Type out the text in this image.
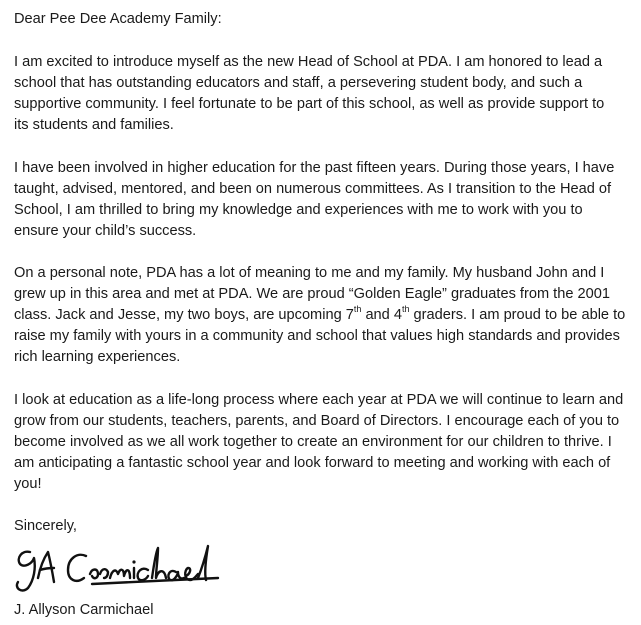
Dear Pee Dee Academy Family:
I am excited to introduce myself as the new Head of School at PDA. I am honored to lead a
school that has outstanding educators and staff, a persevering student body, and such a
supportive community. I feel fortunate to be part of this school, as well as provide support to
its students and families.
I have been involved in higher education for the past fifteen years. During those years, I have
taught, advised, mentored, and been on numerous committees. As I transition to the Head of
School, I am thrilled to bring my knowledge and experiences with me to work with you to
ensure your child’s success.
On a personal note, PDA has a lot of meaning to me and my family. My husband John and I
grew up in this area and met at PDA. We are proud “Golden Eagle” graduates from the 2001
class. Jack and Jesse, my two boys, are upcoming 7th and 4th graders. I am proud to be able to
raise my family with yours in a community and school that values high standards and provides
rich learning experiences.
I look at education as a life-long process where each year at PDA we will continue to learn and
grow from our students, teachers, parents, and Board of Directors. I encourage each of you to
become involved as we all work together to create an environment for our children to thrive. I
am anticipating a fantastic school year and look forward to meeting and working with each of
you!
Sincerely,
J. Allyson Carmichael
